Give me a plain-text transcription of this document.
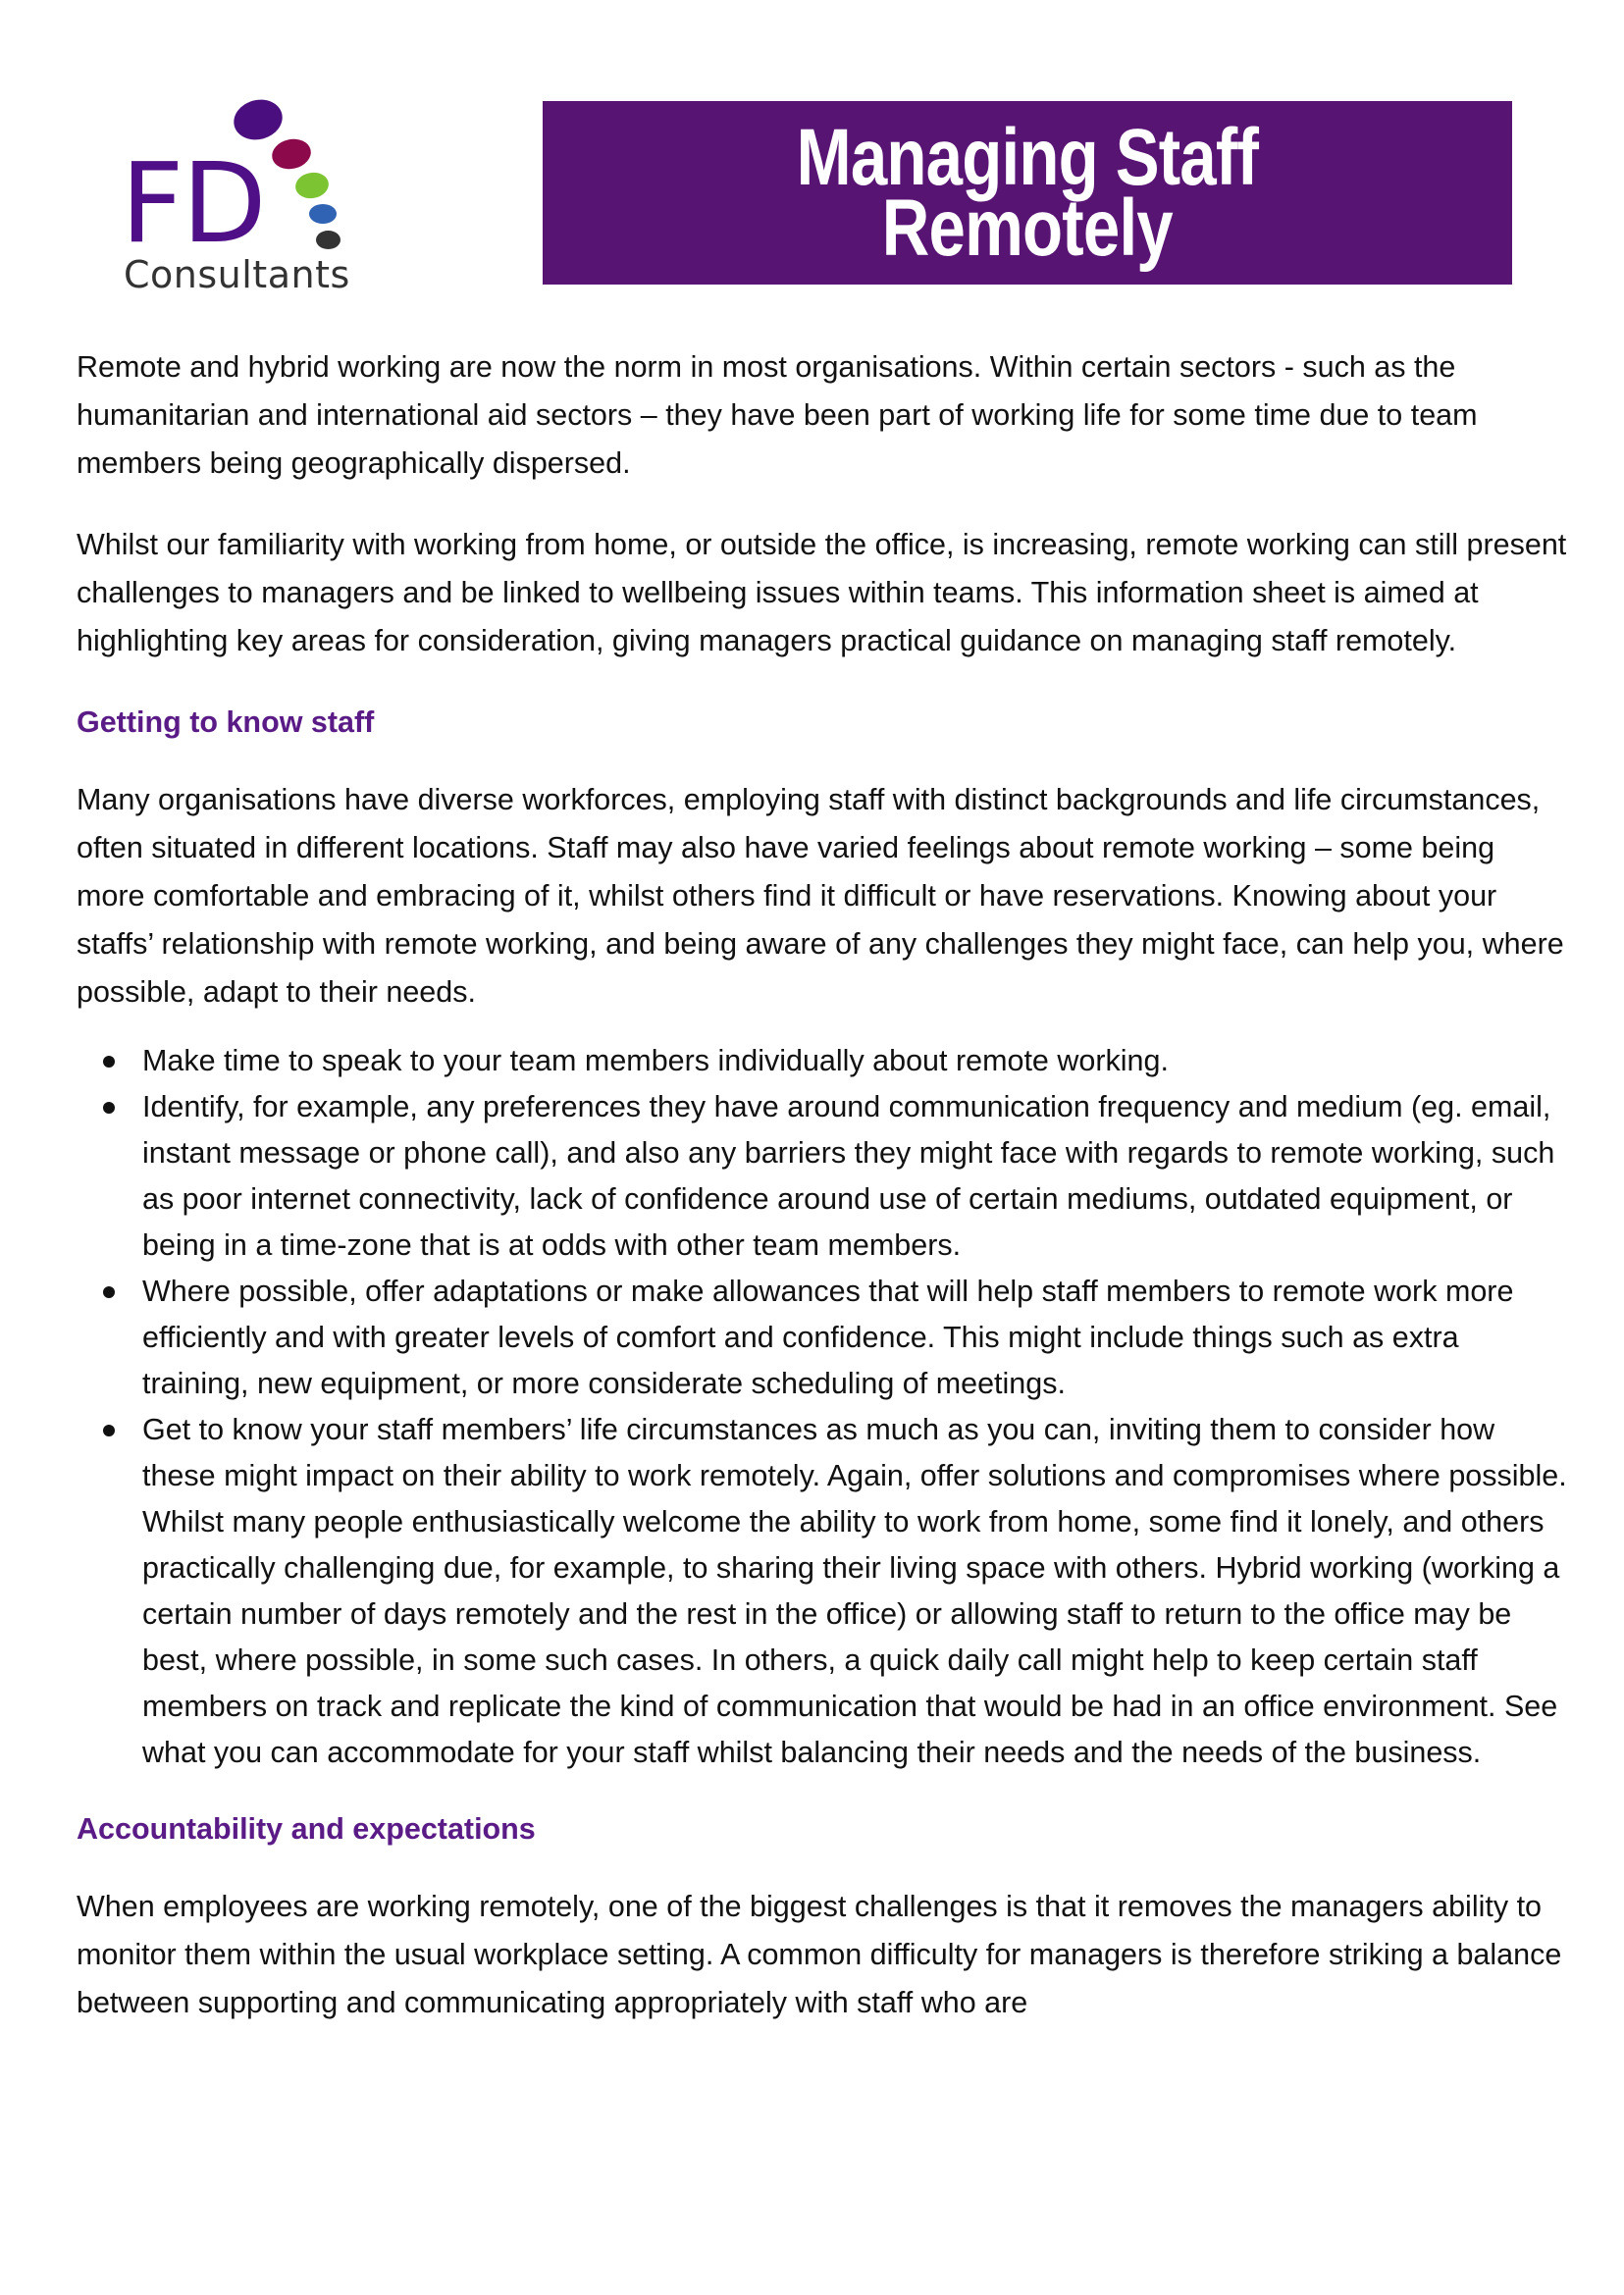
FD
Consultants
Managing Staff
Remotely

Remote and hybrid working are now the norm in most organisations. Within certain sectors - such as the humanitarian and international aid sectors – they have been part of working life for some time due to team members being geographically dispersed.

Whilst our familiarity with working from home, or outside the office, is increasing, remote working can still present challenges to managers and be linked to wellbeing issues within teams. This information sheet is aimed at highlighting key areas for consideration, giving managers practical guidance on managing staff remotely.

Getting to know staff

Many organisations have diverse workforces, employing staff with distinct backgrounds and life circumstances, often situated in different locations. Staff may also have varied feelings about remote working – some being more comfortable and embracing of it, whilst others find it difficult or have reservations. Knowing about your staffs’ relationship with remote working, and being aware of any challenges they might face, can help you, where possible, adapt to their needs.

Make time to speak to your team members individually about remote working.
Identify, for example, any preferences they have around communication frequency and medium (eg. email, instant message or phone call), and also any barriers they might face with regards to remote working, such as poor internet connectivity, lack of confidence around use of certain mediums, outdated equipment, or being in a time-zone that is at odds with other team members.
Where possible, offer adaptations or make allowances that will help staff members to remote work more efficiently and with greater levels of comfort and confidence. This might include things such as extra training, new equipment, or more considerate scheduling of meetings.
Get to know your staff members’ life circumstances as much as you can, inviting them to consider how these might impact on their ability to work remotely. Again, offer solutions and compromises where possible. Whilst many people enthusiastically welcome the ability to work from home, some find it lonely, and others practically challenging due, for example, to sharing their living space with others. Hybrid working (working a certain number of days remotely and the rest in the office) or allowing staff to return to the office may be best, where possible, in some such cases. In others, a quick daily call might help to keep certain staff members on track and replicate the kind of communication that would be had in an office environment. See what you can accommodate for your staff whilst balancing their needs and the needs of the business.
Accountability and expectations

When employees are working remotely, one of the biggest challenges is that it removes the managers ability to monitor them within the usual workplace setting. A common difficulty for managers is therefore striking a balance between supporting and communicating appropriately with staff who are
